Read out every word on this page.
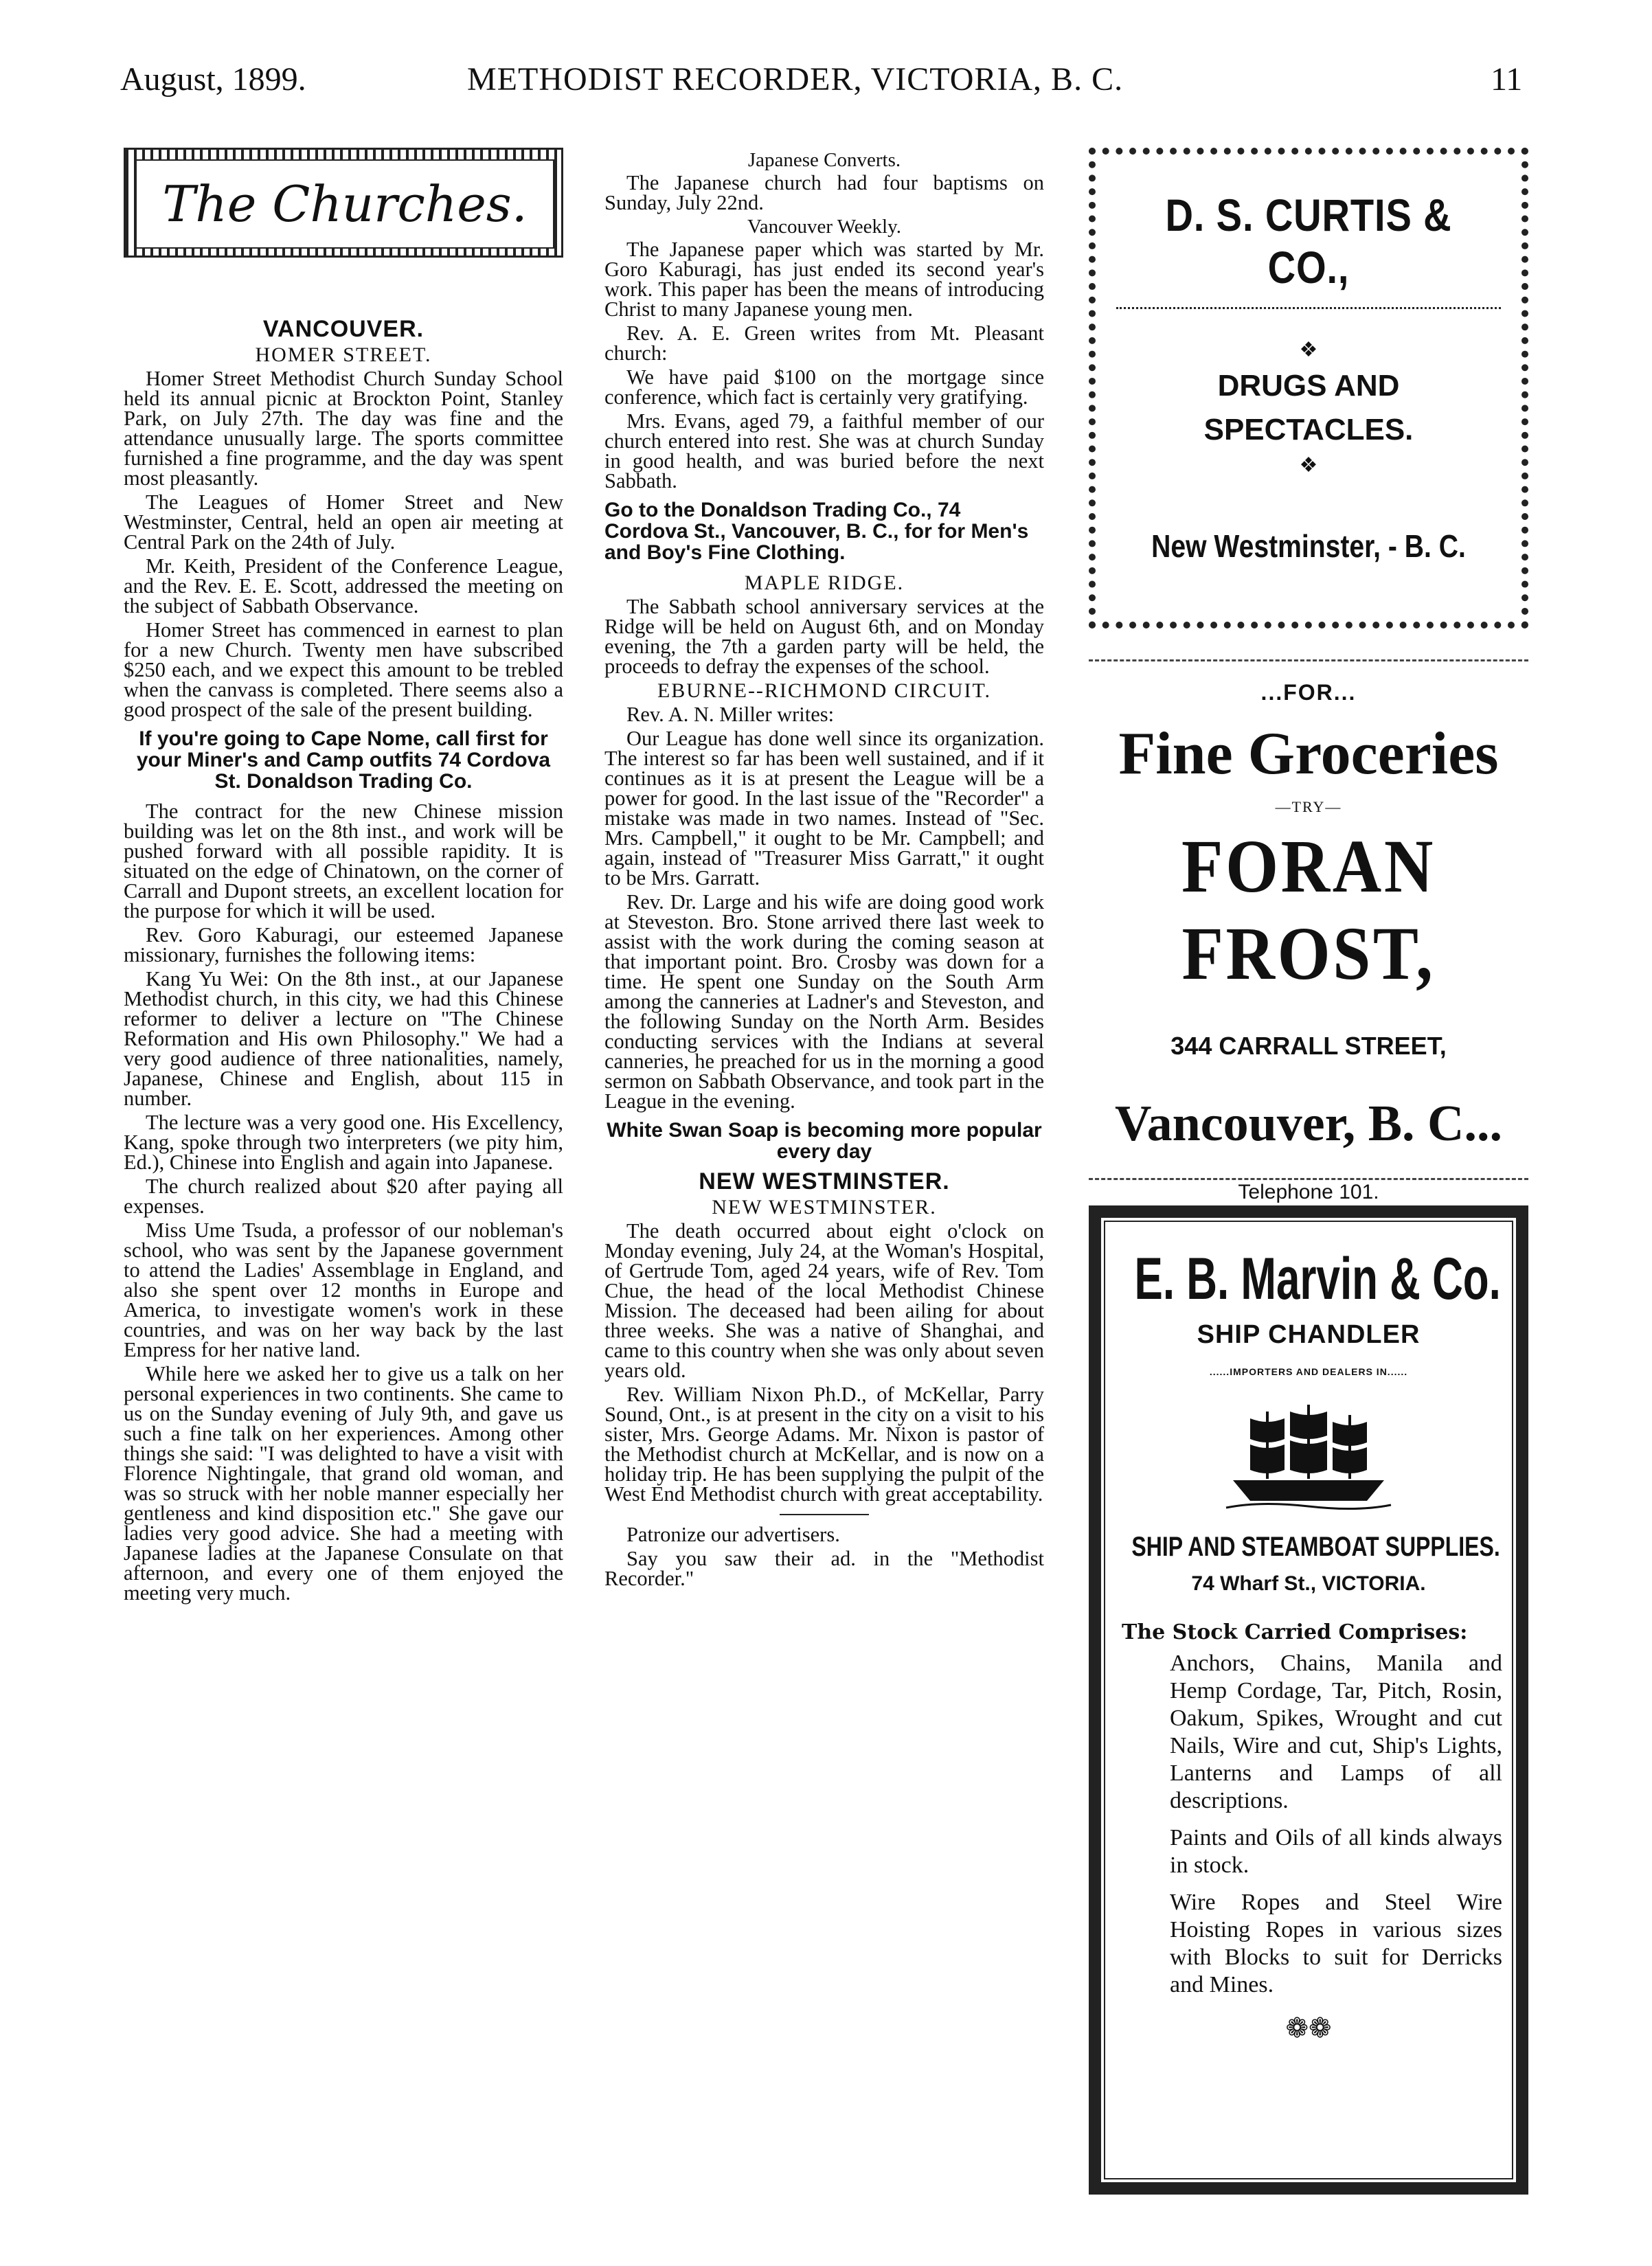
August, 1899.	METHODIST RECORDER, VICTORIA, B. C.	11
The Churches.
VANCOUVER.
HOMER STREET.

Homer Street Methodist Church Sunday School held its annual picnic at Brockton Point, Stanley Park, on July 27th. The day was fine and the attendance unusually large. The sports committee furnished a fine programme, and the day was spent most pleasantly.

The Leagues of Homer Street and New Westminster, Central, held an open air meeting at Central Park on the 24th of July.

Mr. Keith, President of the Conference League, and the Rev. E. E. Scott, addressed the meeting on the subject of Sabbath Observance.

Homer Street has commenced in earnest to plan for a new Church. Twenty men have subscribed $250 each, and we expect this amount to be trebled when the canvass is completed. There seems also a good prospect of the sale of the present building.

If you're going to Cape Nome, call first for your Miner's and Camp outfits 74 Cordova St. Donaldson Trading Co.

The contract for the new Chinese mission building was let on the 8th inst., and work will be pushed forward with all possible rapidity. It is situated on the edge of Chinatown, on the corner of Carrall and Dupont streets, an excellent location for the purpose for which it will be used.

Rev. Goro Kaburagi, our esteemed Japanese missionary, furnishes the following items:

Kang Yu Wei: On the 8th inst., at our Japanese Methodist church, in this city, we had this Chinese reformer to deliver a lecture on "The Chinese Reformation and His own Philosophy." We had a very good audience of three nationalities, namely, Japanese, Chinese and English, about 115 in number.

The lecture was a very good one. His Excellency, Kang, spoke through two interpreters (we pity him, Ed.), Chinese into English and again into Japanese.

The church realized about $20 after paying all expenses.

Miss Ume Tsuda, a professor of our nobleman's school, who was sent by the Japanese government to attend the Ladies' Assemblage in England, and also she spent over 12 months in Europe and America, to investigate women's work in these countries, and was on her way back by the last Empress for her native land.

While here we asked her to give us a talk on her personal experiences in two continents. She came to us on the Sunday evening of July 9th, and gave us such a fine talk on her experiences. Among other things she said: "I was delighted to have a visit with Florence Nightingale, that grand old woman, and was so struck with her noble manner especially her gentleness and kind disposition etc." She gave our ladies very good advice. She had a meeting with Japanese ladies at the Japanese Consulate on that afternoon, and every one of them enjoyed the meeting very much.

Japanese Converts.

The Japanese church had four baptisms on Sunday, July 22nd.

Vancouver Weekly.

The Japanese paper which was started by Mr. Goro Kaburagi, has just ended its second year's work. This paper has been the means of introducing Christ to many Japanese young men.

Rev. A. E. Green writes from Mt. Pleasant church:

We have paid $100 on the mortgage since conference, which fact is certainly very gratifying.

Mrs. Evans, aged 79, a faithful member of our church entered into rest. She was at church Sunday in good health, and was buried before the next Sabbath.

Go to the Donaldson Trading Co., 74 Cordova St., Vancouver, B. C., for for Men's and Boy's Fine Clothing.
MAPLE RIDGE.

The Sabbath school anniversary services at the Ridge will be held on August 6th, and on Monday evening, the 7th a garden party will be held, the proceeds to defray the expenses of the school.

EBURNE--RICHMOND CIRCUIT.

Rev. A. N. Miller writes:

Our League has done well since its organization. The interest so far has been well sustained, and if it continues as it is at present the League will be a power for good. In the last issue of the "Recorder" a mistake was made in two names. Instead of "Sec. Mrs. Campbell," it ought to be Mr. Campbell; and again, instead of "Treasurer Miss Garratt," it ought to be Mrs. Garratt.

Rev. Dr. Large and his wife are doing good work at Steveston. Bro. Stone arrived there last week to assist with the work during the coming season at that important point. Bro. Crosby was down for a time. He spent one Sunday on the South Arm among the canneries at Ladner's and Steveston, and the following Sunday on the North Arm. Besides conducting services with the Indians at several canneries, he preached for us in the morning a good sermon on Sabbath Observance, and took part in the League in the evening.

White Swan Soap is becoming more popular every day
NEW WESTMINSTER.
NEW WESTMINSTER.

The death occurred about eight o'clock on Monday evening, July 24, at the Woman's Hospital, of Gertrude Tom, aged 24 years, wife of Rev. Tom Chue, the head of the local Methodist Chinese Mission. The deceased had been ailing for about three weeks. She was a native of Shanghai, and came to this country when she was only about seven years old.

Rev. William Nixon Ph.D., of McKellar, Parry Sound, Ont., is at present in the city on a visit to his sister, Mrs. George Adams. Mr. Nixon is pastor of the Methodist church at McKellar, and is now on a holiday trip. He has been supplying the pulpit of the West End Methodist church with great acceptability.

Patronize our advertisers.

Say you saw their ad. in the "Methodist Recorder."

D. S. CURTIS & CO.,
❖
DRUGS AND
SPECTACLES.
❖
New Westminster, - B. C.
...FOR...
Fine Groceries
—TRY—
FORAN FROST,
344 CARRALL STREET,
Vancouver, B. C...
Telephone 101.
E. B. Marvin & Co.
SHIP CHANDLER
......IMPORTERS AND DEALERS IN......
SHIP AND STEAMBOAT SUPPLIES.
74 Wharf St., VICTORIA.
The Stock Carried Comprises:

Anchors, Chains, Manila and Hemp Cordage, Tar, Pitch, Rosin, Oakum, Spikes, Wrought and cut Nails, Wire and cut, Ship's Lights, Lanterns and Lamps of all descriptions.

Paints and Oils of all kinds always in stock.

Wire Ropes and Steel Wire Hoisting Ropes in various sizes with Blocks to suit for Derricks and Mines.

❁❁
